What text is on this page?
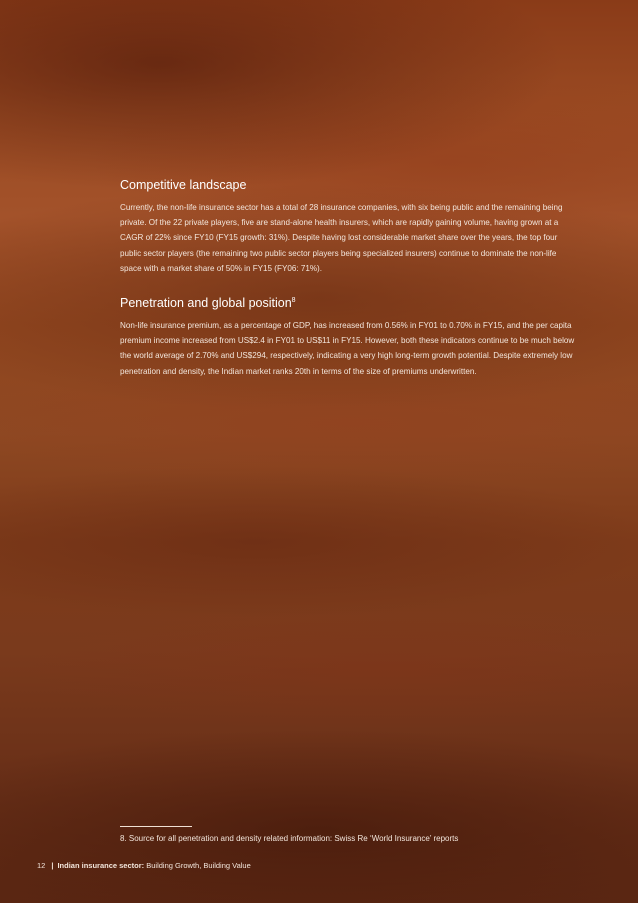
Competitive landscape

Currently, the non-life insurance sector has a total of 28 insurance companies, with six being public and the remaining being private. Of the 22 private players, five are stand-alone health insurers, which are rapidly gaining volume, having grown at a CAGR of 22% since FY10 (FY15 growth: 31%). Despite having lost considerable market share over the years, the top four public sector players (the remaining two public sector players being specialized insurers) continue to dominate the non-life space with a market share of 50% in FY15 (FY06: 71%).

Penetration and global position$^8$

Non-life insurance premium, as a percentage of GDP, has increased from 0.56% in FY01 to 0.70% in FY15, and the per capita premium income increased from US$2.4 in FY01 to US$11 in FY15. However, both these indicators continue to be much below the world average of 2.70% and US$294, respectively, indicating a very high long-term growth potential. Despite extremely low penetration and density, the Indian market ranks 20th in terms of the size of premiums underwritten.

8. Source for all penetration and density related information: Swiss Re ‘World Insurance’ reports
12 | Indian insurance sector: Building Growth, Building Value
